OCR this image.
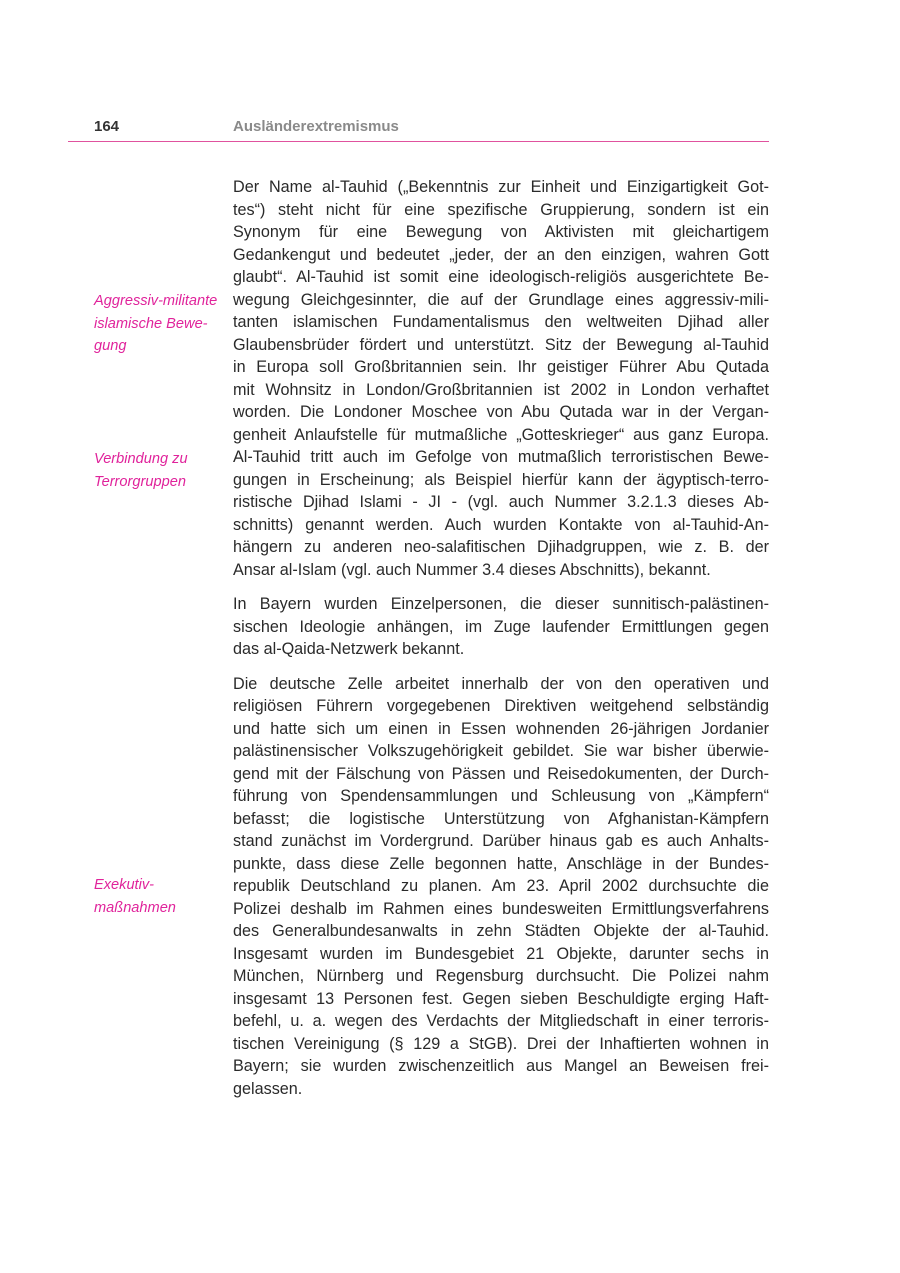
164	Ausländerextremismus

Aggressiv-militante
islamische Bewe-
gung

Verbindung zu
Terrorgruppen

Exekutiv-
maßnahmen

Der Name al-Tauhid („Bekenntnis zur Einheit und Einzigartigkeit Got-
tes“) steht nicht für eine spezifische Gruppierung, sondern ist ein
Synonym für eine Bewegung von Aktivisten mit gleichartigem
Gedankengut und bedeutet „jeder, der an den einzigen, wahren Gott
glaubt“. Al-Tauhid ist somit eine ideologisch-religiös ausgerichtete Be-
wegung Gleichgesinnter, die auf der Grundlage eines aggressiv-mili-
tanten islamischen Fundamentalismus den weltweiten Djihad aller
Glaubensbrüder fördert und unterstützt. Sitz der Bewegung al-Tauhid
in Europa soll Großbritannien sein. Ihr geistiger Führer Abu Qutada
mit Wohnsitz in London/Großbritannien ist 2002 in London verhaftet
worden. Die Londoner Moschee von Abu Qutada war in der Vergan-
genheit Anlaufstelle für mutmaßliche „Gotteskrieger“ aus ganz Europa.
Al-Tauhid tritt auch im Gefolge von mutmaßlich terroristischen Bewe-
gungen in Erscheinung; als Beispiel hierfür kann der ägyptisch-terro-
ristische Djihad Islami - JI - (vgl. auch Nummer 3.2.1.3 dieses Ab-
schnitts) genannt werden. Auch wurden Kontakte von al-Tauhid-An-
hängern zu anderen neo-salafitischen Djihadgruppen, wie z. B. der
Ansar al-Islam (vgl. auch Nummer 3.4 dieses Abschnitts), bekannt.

In Bayern wurden Einzelpersonen, die dieser sunnitisch-palästinen-
sischen Ideologie anhängen, im Zuge laufender Ermittlungen gegen
das al-Qaida-Netzwerk bekannt.

Die deutsche Zelle arbeitet innerhalb der von den operativen und
religiösen Führern vorgegebenen Direktiven weitgehend selbständig
und hatte sich um einen in Essen wohnenden 26-jährigen Jordanier
palästinensischer Volkszugehörigkeit gebildet. Sie war bisher überwie-
gend mit der Fälschung von Pässen und Reisedokumenten, der Durch-
führung von Spendensammlungen und Schleusung von „Kämpfern“
befasst; die logistische Unterstützung von Afghanistan-Kämpfern
stand zunächst im Vordergrund. Darüber hinaus gab es auch Anhalts-
punkte, dass diese Zelle begonnen hatte, Anschläge in der Bundes-
republik Deutschland zu planen. Am 23. April 2002 durchsuchte die
Polizei deshalb im Rahmen eines bundesweiten Ermittlungsverfahrens
des Generalbundesanwalts in zehn Städten Objekte der al-Tauhid.
Insgesamt wurden im Bundesgebiet 21 Objekte, darunter sechs in
München, Nürnberg und Regensburg durchsucht. Die Polizei nahm
insgesamt 13 Personen fest. Gegen sieben Beschuldigte erging Haft-
befehl, u. a. wegen des Verdachts der Mitgliedschaft in einer terroris-
tischen Vereinigung (§ 129 a StGB). Drei der Inhaftierten wohnen in
Bayern; sie wurden zwischenzeitlich aus Mangel an Beweisen frei-
gelassen.
